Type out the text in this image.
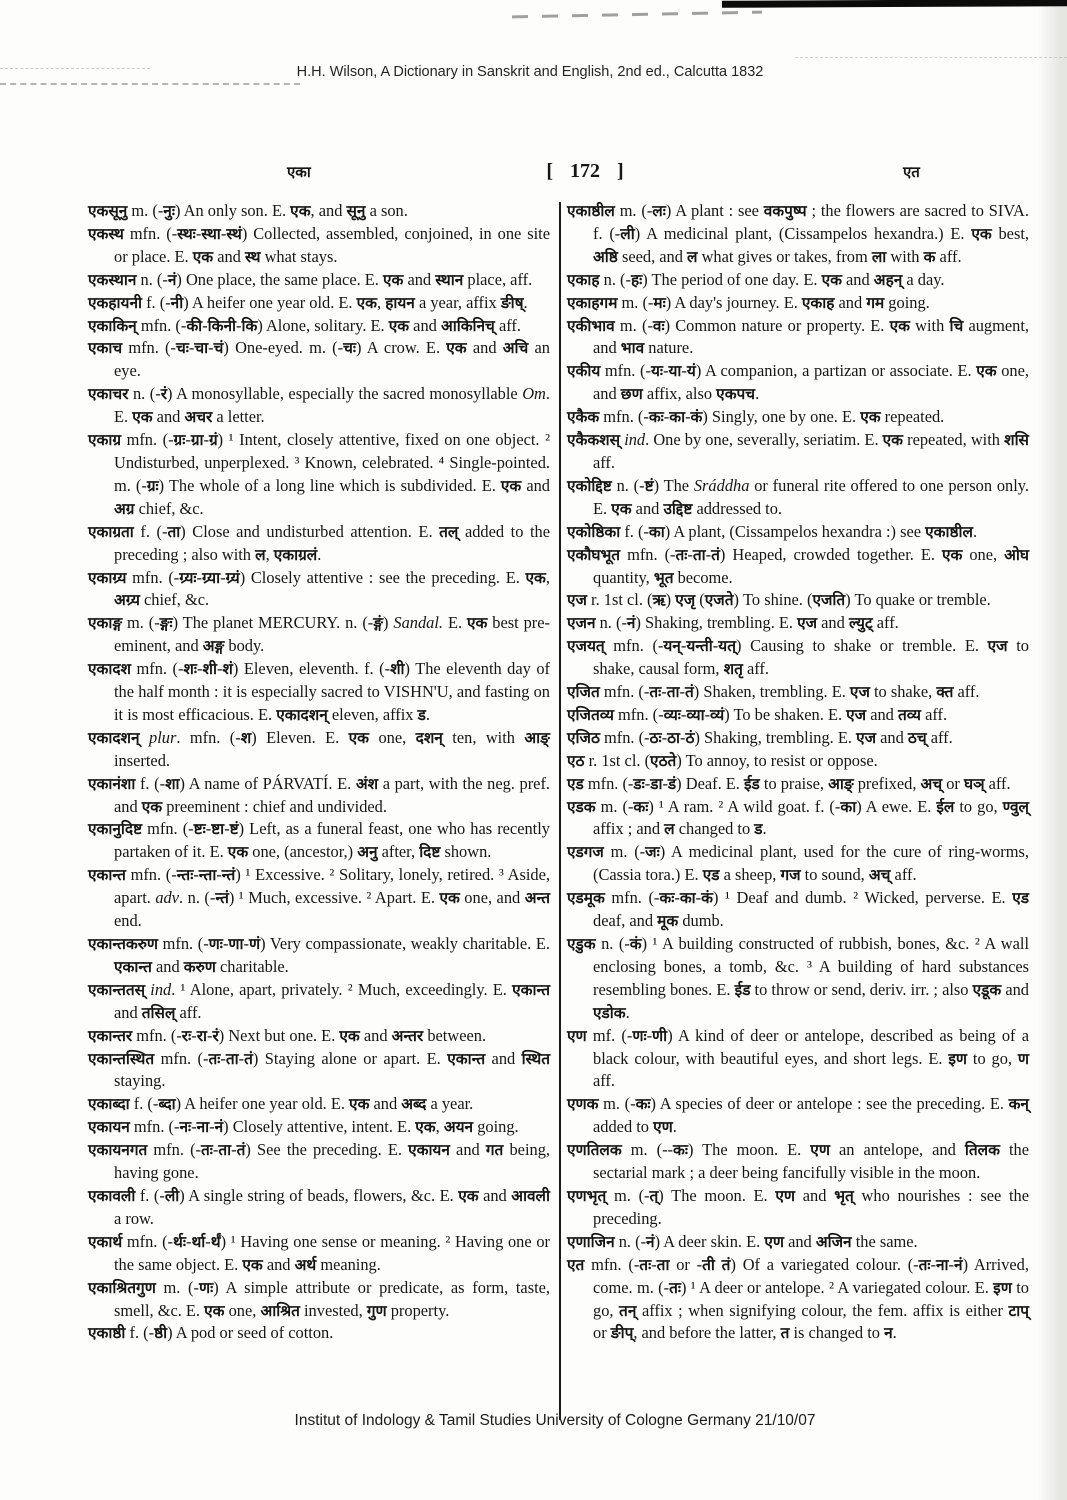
H.H. Wilson, A Dictionary in Sanskrit and English, 2nd ed., Calcutta 1832
एका	[ 172 ]	एत

एकसूनु m. (-नुः) An only son. E. एक, and सूनु a son.

एकस्थ mfn. (-स्थः-स्था-स्थं) Collected, assembled, conjoined, in one site or place. E. एक and स्थ what stays.

एकस्थान n. (-नं) One place, the same place. E. एक and स्थान place, aff.

एकहायनी f. (-नी) A heifer one year old. E. एक, हायन a year, affix ङीष्.

एकाकिन् mfn. (-की-किनी-कि) Alone, solitary. E. एक and आकिनिच् aff.

एकाच mfn. (-चः-चा-चं) One-eyed. m. (-चः) A crow. E. एक and अचि an eye.

एकाचर n. (-रं) A monosyllable, especially the sacred monosyllable Om. E. एक and अचर a letter.

एकाग्र mfn. (-ग्रः-ग्रा-ग्रं) ¹ Intent, closely attentive, fixed on one object. ² Undisturbed, unperplexed. ³ Known, celebrated. ⁴ Single-pointed. m. (-ग्रः) The whole of a long line which is subdivided. E. एक and अग्र chief, &c.

एकाग्रता f. (-ता) Close and undisturbed attention. E. तल् added to the preceding ; also with ल, एकाग्रलं.

एकाग्र्य mfn. (-ग्र्यः-ग्र्या-ग्र्यं) Closely attentive : see the preceding. E. एक, अग्र्य chief, &c.

एकाङ्ग m. (-ङ्गः) The planet MERCURY. n. (-ङ्गं) Sandal. E. एक best pre-eminent, and अङ्ग body.

एकादश mfn. (-शः-शी-शं) Eleven, eleventh. f. (-शी) The eleventh day of the half month : it is especially sacred to VISHN'U, and fasting on it is most efficacious. E. एकादशन् eleven, affix ड.

एकादशन् plur. mfn. (-श) Eleven. E. एक one, दशन् ten, with आङ् inserted.

एकानंशा f. (-शा) A name of PÁRVATÍ. E. अंश a part, with the neg. pref. and एक preeminent : chief and undivided.

एकानुदिष्ट mfn. (-ष्टः-ष्टा-ष्टं) Left, as a funeral feast, one who has recently partaken of it. E. एक one, (ancestor,) अनु after, दिष्ट shown.

एकान्त mfn. (-न्तः-न्ता-न्तं) ¹ Excessive. ² Solitary, lonely, retired. ³ Aside, apart. adv. n. (-न्तं) ¹ Much, excessive. ² Apart. E. एक one, and अन्त end.

एकान्तकरुण mfn. (-णः-णा-णं) Very compassionate, weakly charitable. E. एकान्त and करुण charitable.

एकान्ततस् ind. ¹ Alone, apart, privately. ² Much, exceedingly. E. एकान्त and तसिल् aff.

एकान्तर mfn. (-रः-रा-रं) Next but one. E. एक and अन्तर between.

एकान्तस्थित mfn. (-तः-ता-तं) Staying alone or apart. E. एकान्त and स्थित staying.

एकाब्दा f. (-ब्दा) A heifer one year old. E. एक and अब्द a year.

एकायन mfn. (-नः-ना-नं) Closely attentive, intent. E. एक, अयन going.

एकायनगत mfn. (-तः-ता-तं) See the preceding. E. एकायन and गत being, having gone.

एकावली f. (-ली) A single string of beads, flowers, &c. E. एक and आवली a row.

एकार्थ mfn. (-र्थः-र्था-र्थं) ¹ Having one sense or meaning. ² Having one or the same object. E. एक and अर्थ meaning.

एकाश्रितगुण m. (-णः) A simple attribute or predicate, as form, taste, smell, &c. E. एक one, आश्रित invested, गुण property.

एकाष्ठी f. (-ष्ठी) A pod or seed of cotton.

एकाष्ठील m. (-लः) A plant : see वकपुष्प ; the flowers are sacred to SIVA. f. (-ली) A medicinal plant, (Cissampelos hexandra.) E. एक best, अष्ठि seed, and ल what gives or takes, from ला with क aff.

एकाह n. (-हः) The period of one day. E. एक and अहन् a day.

एकाहगम m. (-मः) A day's journey. E. एकाह and गम going.

एकीभाव m. (-वः) Common nature or property. E. एक with चि augment, and भाव nature.

एकीय mfn. (-यः-या-यं) A companion, a partizan or associate. E. एक one, and छण affix, also एकपच.

एकैक mfn. (-कः-का-कं) Singly, one by one. E. एक repeated.

एकैकशस् ind. One by one, severally, seriatim. E. एक repeated, with शसि aff.

एकोद्दिष्ट n. (-ष्टं) The Sráddha or funeral rite offered to one person only. E. एक and उद्दिष्ट addressed to.

एकोष्ठिका f. (-का) A plant, (Cissampelos hexandra :) see एकाष्ठील.

एकौघभूत mfn. (-तः-ता-तं) Heaped, crowded together. E. एक one, ओघ quantity, भूत become.

एज r. 1st cl. (ऋ) एजृ (एजते) To shine. (एजति) To quake or tremble.

एजन n. (-नं) Shaking, trembling. E. एज and ल्युट् aff.

एजयत् mfn. (-यन्-यन्ती-यत्) Causing to shake or tremble. E. एज to shake, causal form, शतृ aff.

एजित mfn. (-तः-ता-तं) Shaken, trembling. E. एज to shake, क्त aff.

एजितव्य mfn. (-व्यः-व्या-व्यं) To be shaken. E. एज and तव्य aff.

एजिठ mfn. (-ठः-ठा-ठं) Shaking, trembling. E. एज and ठच् aff.

एठ r. 1st cl. (एठते) To annoy, to resist or oppose.

एड mfn. (-डः-डा-डं) Deaf. E. ईड to praise, आङ् prefixed, अच् or घञ् aff.

एडक m. (-कः) ¹ A ram. ² A wild goat. f. (-का) A ewe. E. ईल to go, ण्वुल् affix ; and ल changed to ड.

एडगज m. (-जः) A medicinal plant, used for the cure of ring-worms, (Cassia tora.) E. एड a sheep, गज to sound, अच् aff.

एडमूक mfn. (-कः-का-कं) ¹ Deaf and dumb. ² Wicked, perverse. E. एड deaf, and मूक dumb.

एडुक n. (-कं) ¹ A building constructed of rubbish, bones, &c. ² A wall enclosing bones, a tomb, &c. ³ A building of hard substances resembling bones. E. ईड to throw or send, deriv. irr. ; also एडूक and एडोक.

एण mf. (-णः-णी) A kind of deer or antelope, described as being of a black colour, with beautiful eyes, and short legs. E. इण to go, ण aff.

एणक m. (-कः) A species of deer or antelope : see the preceding. E. कन् added to एण.

एणतिलक m. (--कः) The moon. E. एण an antelope, and तिलक the sectarial mark ; a deer being fancifully visible in the moon.

एणभृत् m. (-त्) The moon. E. एण and भृत् who nourishes : see the preceding.

एणाजिन n. (-नं) A deer skin. E. एण and अजिन the same.

एत mfn. (-तः-ता or -ती तं) Of a variegated colour. (-तः-ना-नं) Arrived, come. m. (-तः) ¹ A deer or antelope. ² A variegated colour. E. इण to go, तन् affix ; when signifying colour, the fem. affix is either टाप् or ङीप्, and before the latter, त is changed to न.

Institut of Indology & Tamil Studies University of Cologne Germany 21/10/07
